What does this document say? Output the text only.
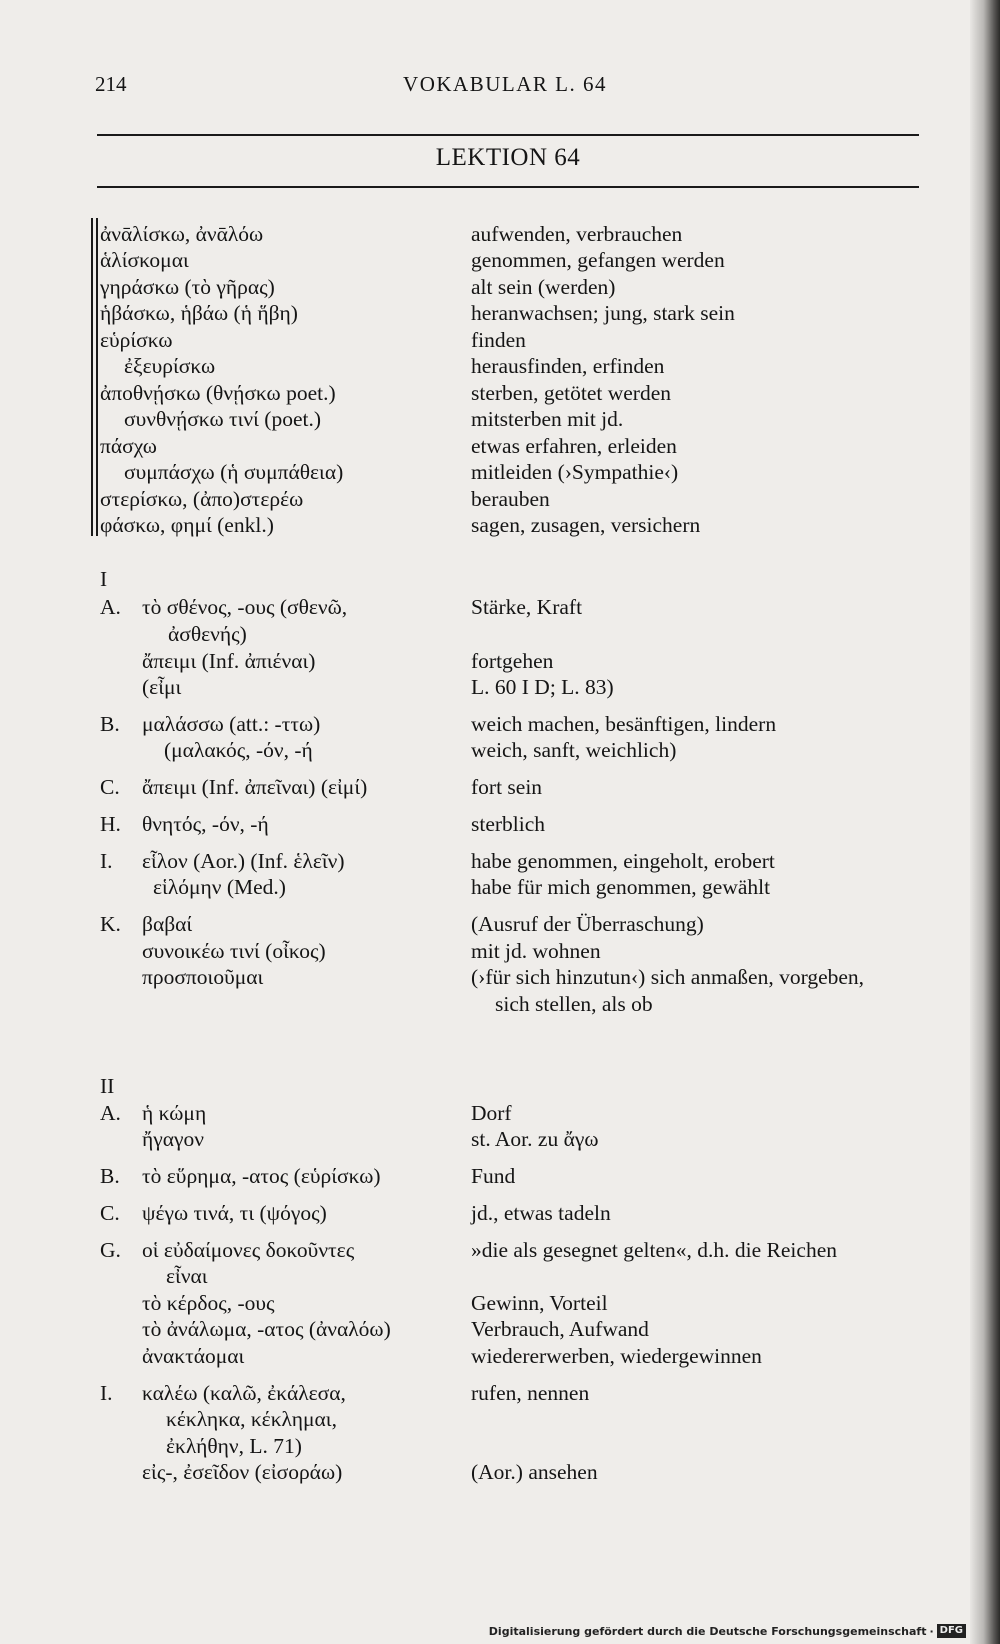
214	VOKABULAR L. 64
LEKTION 64
ἀνᾱλίσκω, ἀνᾱλόω	aufwenden, verbrauchen
ἁλίσκομαι	genommen, gefangen werden
γηράσκω (τὸ γῆρας)	alt sein (werden)
ἡβάσκω, ἡβάω (ἡ ἥβη)	heranwachsen; jung, stark sein
εὑρίσκω	finden
ἐξευρίσκω	herausfinden, erfinden
ἀποθνῄσκω (θνῄσκω poet.)	sterben, getötet werden
συνθνῄσκω τινί (poet.)	mitsterben mit jd.
πάσχω	etwas erfahren, erleiden
συμπάσχω (ἡ συμπάθεια)	mitleiden (›Sympathie‹)
στερίσκω, (ἀπο)στερέω	berauben
φάσκω, φημί (enkl.)	sagen, zusagen, versichern
I
A. τὸ σθένος, -ους (σθενῶ,	Stärke, Kraft
ἀσθενής)
ἄπειμι (Inf. ἀπιέναι)	fortgehen
(εἶμι	L. 60 I D; L. 83)
B. μαλάσσω (att.: -ττω)	weich machen, besänftigen, lindern
(μαλακός, -όν, -ή	weich, sanft, weichlich)
C. ἄπειμι (Inf. ἀπεῖναι) (εἰμί)	fort sein
H. θνητός, -όν, -ή	sterblich
I. εἷλον (Aor.) (Inf. ἑλεῖν)	habe genommen, eingeholt, erobert
εἱλόμην (Med.)	habe für mich genommen, gewählt
K. βαβαί	(Ausruf der Überraschung)
συνοικέω τινί (οἶκος)	mit jd. wohnen
προσποιοῦμαι	(›für sich hinzutun‹) sich anmaßen, vorgeben,
sich stellen, als ob
II
A. ἡ κώμη	Dorf
ἤγαγον	st. Aor. zu ἄγω
B. τὸ εὕρημα, -ατος (εὑρίσκω)	Fund
C. ψέγω τινά, τι (ψόγος)	jd., etwas tadeln
G. οἱ εὐδαίμονες δοκοῦντες	»die als gesegnet gelten«, d.h. die Reichen
εἶναι
τὸ κέρδος, -ους	Gewinn, Vorteil
τὸ ἀνάλωμα, -ατος (ἀναλόω)	Verbrauch, Aufwand
ἀνακτάομαι	wiedererwerben, wiedergewinnen
I. καλέω (καλῶ, ἐκάλεσα,	rufen, nennen
κέκληκα, κέκλημαι,
ἐκλήθην, L. 71)
εἰς-, ἐσεῖδον (εἰσοράω)	(Aor.) ansehen
Digitalisierung gefördert durch die Deutsche Forschungsgemeinschaft · DFG
